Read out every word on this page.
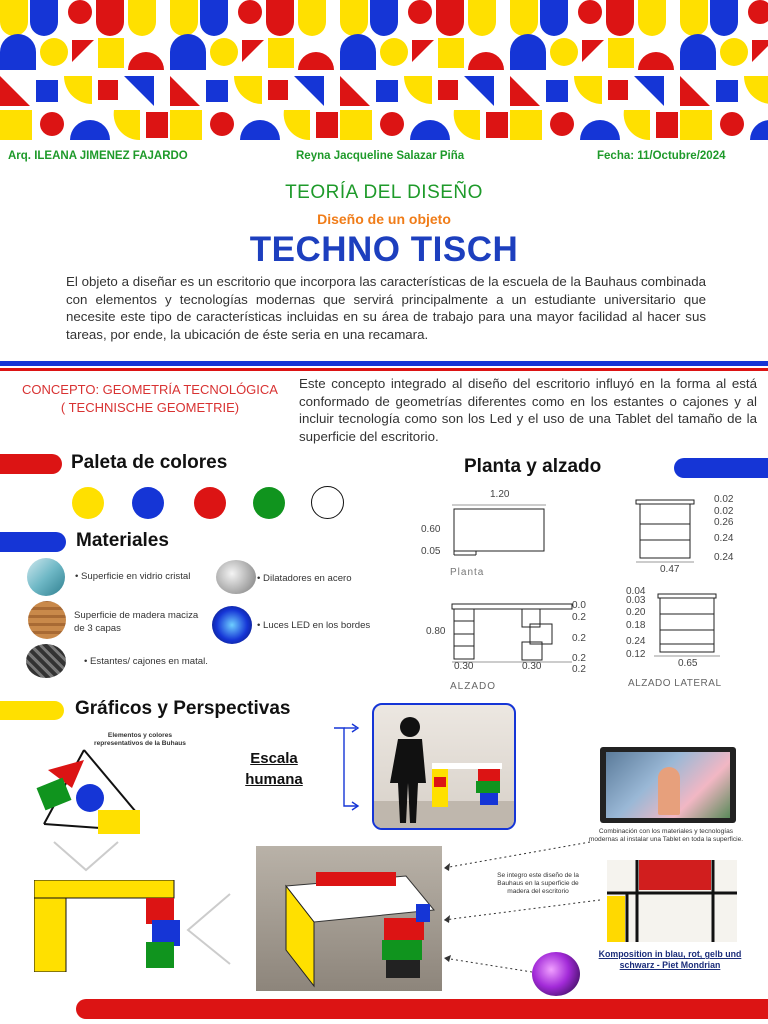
Arq. ILEANA JIMENEZ FAJARDO	Reyna Jacqueline Salazar Piña	Fecha: 11/Octubre/2024
TEORÍA DEL DISEÑO
Diseño de un objeto
TECHNO TISCH
El objeto a diseñar es un escritorio que incorpora las características de la escuela de la Bauhaus combinada con elementos y tecnologías modernas que servirá principalmente a un estudiante universitario que necesite este tipo de características incluidas en su área de trabajo para una mayor facilidad al hacer sus tareas, por ende, la ubicación de éste seria en una recamara.
CONCEPTO: GEOMETRÍA TECNOLÓGICA
( TECHNISCHE GEOMETRIE)
Este concepto integrado al diseño del escritorio influyó en la forma al está conformado de geometrías diferentes como en los estantes o cajones y al incluir tecnología como son los Led y el uso de una Tablet del tamaño de la superficie del escritorio.
Paleta de colores	Planta y alzado
1.20
0.60
0.05
Planta
0.02
0.02
0.26
0.24
0.24
0.47
0.80
0.30	0.30
0.0
0.2
0.2
0.2
0.2
ALZADO
0.04
0.03
0.20
0.18
0.24
0.12
0.65
ALZADO LATERAL
Materiales
• Superficie en vidrio cristal	• Dilatadores en acero
Superficie de madera maciza de 3 capas	• Luces LED en los bordes
• Estantes/ cajones en matal.
Gráficos y Perspectivas
Elementos y colores representativos de la Buhaus
Escala humana
Combinación con los materiales y tecnologías modernas al instalar una Tablet en toda la superficie.
Se integro este diseño de la Bauhaus en la superficie de madera del escritorio
Komposition in blau, rot, gelb und schwarz - Piet Mondrian
